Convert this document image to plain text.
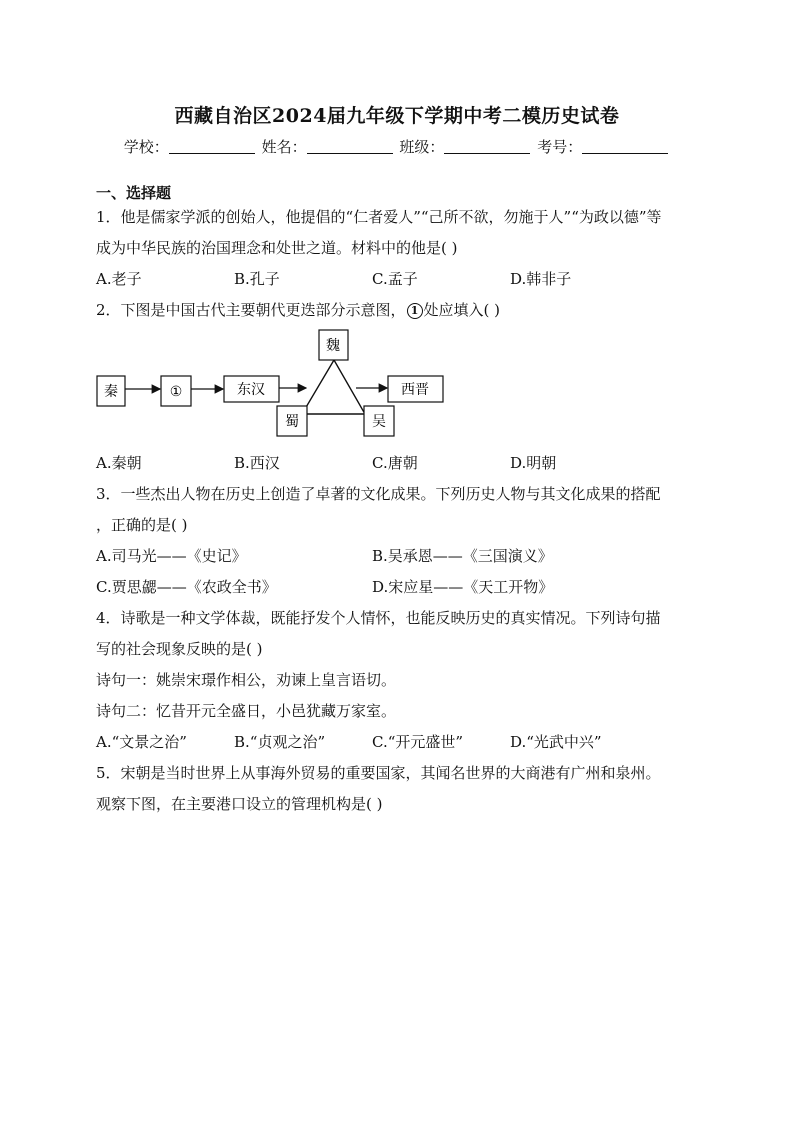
西藏自治区2024届九年级下学期中考二模历史试卷
学校：	姓名：	班级：	考号：
一、选择题
1．他是儒家学派的创始人，他提倡的“仁者爱人”“己所不欲，勿施于人”“为政以德”等
成为中华民族的治国理念和处世之道。材料中的他是( )
A.老子	B.孔子	C.孟子	D.韩非子
2．下图是中国古代主要朝代更迭部分示意图， 1 处应填入( )
秦	①	东汉
魏
蜀	吴
西晋
A.秦朝	B.西汉	C.唐朝	D.明朝
3．一些杰出人物在历史上创造了卓著的文化成果。下列历史人物与其文化成果的搭配
，正确的是( )
A.司马光——《史记》	B.吴承恩——《三国演义》
C.贾思勰——《农政全书》	D.宋应星——《天工开物》
4．诗歌是一种文学体裁，既能抒发个人情怀，也能反映历史的真实情况。下列诗句描
写的社会现象反映的是( )
诗句一：姚崇宋璟作相公，劝谏上皇言语切。
诗句二：忆昔开元全盛日，小邑犹藏万家室。
A.“文景之治”	B.“贞观之治”	C.“开元盛世”	D.“光武中兴”
5．宋朝是当时世界上从事海外贸易的重要国家，其闻名世界的大商港有广州和泉州。
观察下图，在主要港口设立的管理机构是( )
